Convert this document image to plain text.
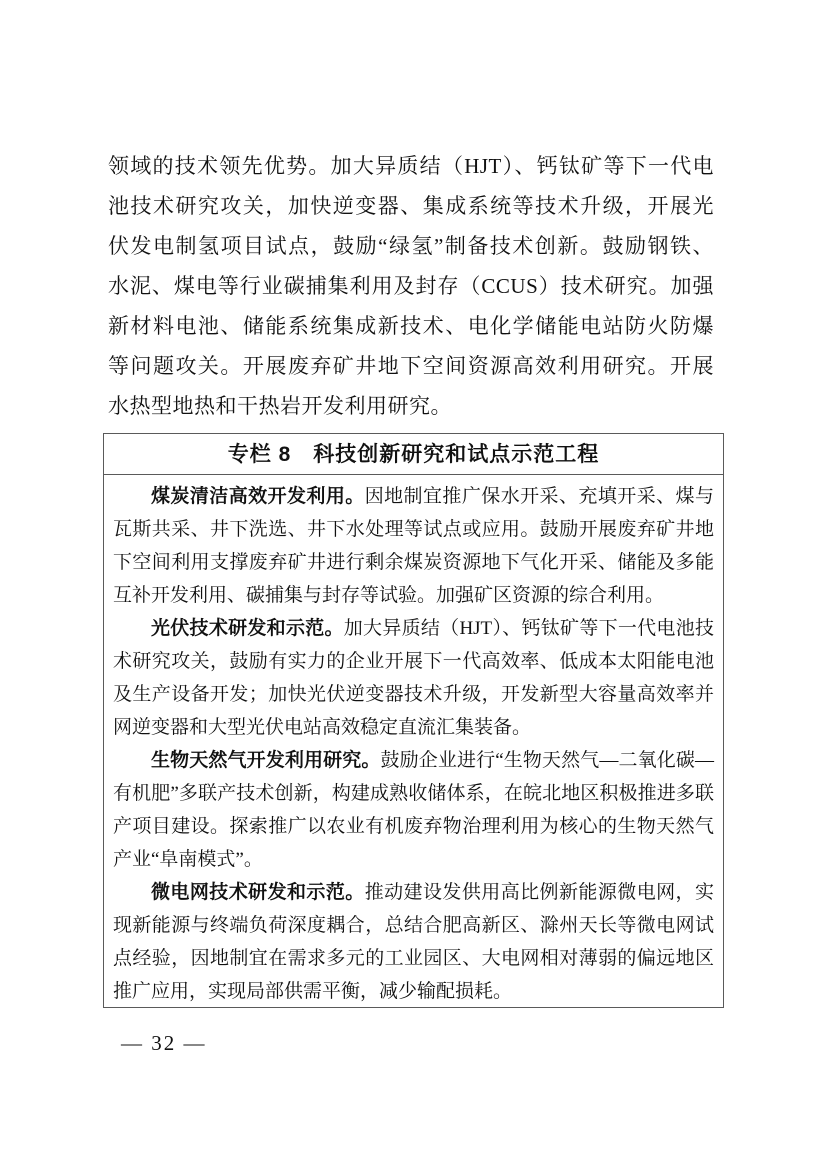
领域的技术领先优势。加大异质结（HJT）、钙钛矿等下一代电
池技术研究攻关，加快逆变器、集成系统等技术升级，开展光
伏发电制氢项目试点，鼓励“绿氢”制备技术创新。鼓励钢铁、
水泥、煤电等行业碳捕集利用及封存（CCUS）技术研究。加强
新材料电池、储能系统集成新技术、电化学储能电站防火防爆
等问题攻关。开展废弃矿井地下空间资源高效利用研究。开展
水热型地热和干热岩开发利用研究。
专栏 8　科技创新研究和试点示范工程

煤炭清洁高效开发利用。因地制宜推广保水开采、充填开采、煤与瓦斯共采、井下洗选、井下水处理等试点或应用。鼓励开展废弃矿井地下空间利用支撑废弃矿井进行剩余煤炭资源地下气化开采、储能及多能互补开发利用、碳捕集与封存等试验。加强矿区资源的综合利用。

光伏技术研发和示范。加大异质结（HJT）、钙钛矿等下一代电池技术研究攻关，鼓励有实力的企业开展下一代高效率、低成本太阳能电池及生产设备开发；加快光伏逆变器技术升级，开发新型大容量高效率并网逆变器和大型光伏电站高效稳定直流汇集装备。

生物天然气开发利用研究。鼓励企业进行“生物天然气—二氧化碳—有机肥”多联产技术创新，构建成熟收储体系，在皖北地区积极推进多联产项目建设。探索推广以农业有机废弃物治理利用为核心的生物天然气产业“阜南模式”。

微电网技术研发和示范。推动建设发供用高比例新能源微电网，实现新能源与终端负荷深度耦合，总结合肥高新区、滁州天长等微电网试点经验，因地制宜在需求多元的工业园区、大电网相对薄弱的偏远地区推广应用，实现局部供需平衡，减少输配损耗。

— 32 —
